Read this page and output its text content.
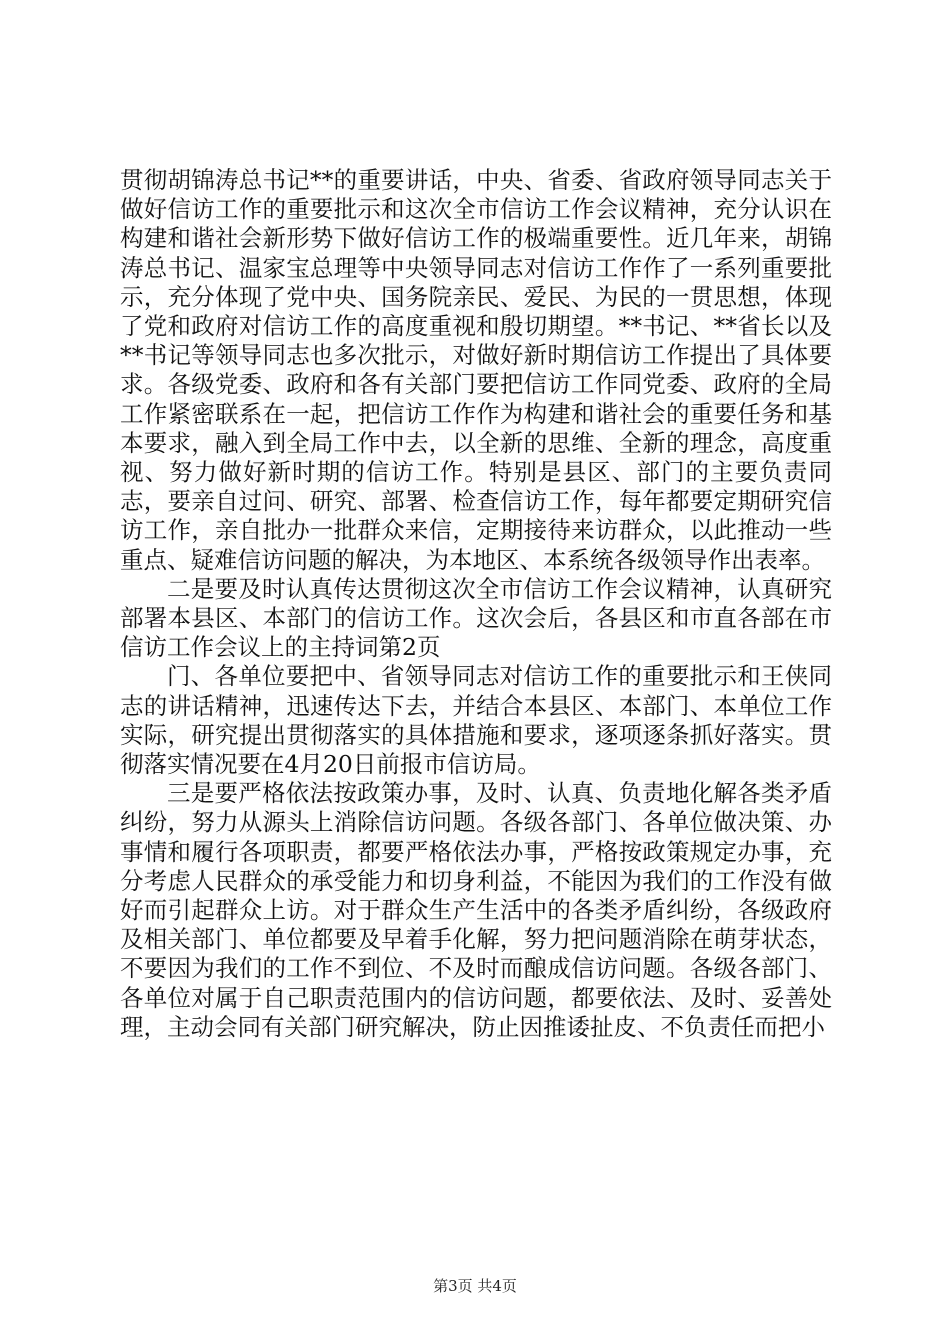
贯彻胡锦涛总书记**的重要讲话，中央、省委、省政府领导同志关于做好信访工作的重要批示和这次全市信访工作会议精神，充分认识在构建和谐社会新形势下做好信访工作的极端重要性。近几年来，胡锦涛总书记、温家宝总理等中央领导同志对信访工作作了一系列重要批示，充分体现了党中央、国务院亲民、爱民、为民的一贯思想，体现了党和政府对信访工作的高度重视和殷切期望。**书记、**省长以及**书记等领导同志也多次批示，对做好新时期信访工作提出了具体要求。各级党委、政府和各有关部门要把信访工作同党委、政府的全局工作紧密联系在一起，把信访工作作为构建和谐社会的重要任务和基本要求，融入到全局工作中去，以全新的思维、全新的理念，高度重视、努力做好新时期的信访工作。特别是县区、部门的主要负责同志，要亲自过问、研究、部署、检查信访工作，每年都要定期研究信访工作，亲自批办一批群众来信，定期接待来访群众，以此推动一些重点、疑难信访问题的解决，为本地区、本系统各级领导作出表率。

二是要及时认真传达贯彻这次全市信访工作会议精神，认真研究部署本县区、本部门的信访工作。这次会后，各县区和市直各部在市信访工作会议上的主持词第2页

门、各单位要把中、省领导同志对信访工作的重要批示和王侠同志的讲话精神，迅速传达下去，并结合本县区、本部门、本单位工作实际，研究提出贯彻落实的具体措施和要求，逐项逐条抓好落实。贯彻落实情况要在4月20日前报市信访局。

三是要严格依法按政策办事，及时、认真、负责地化解各类矛盾纠纷，努力从源头上消除信访问题。各级各部门、各单位做决策、办事情和履行各项职责，都要严格依法办事，严格按政策规定办事，充分考虑人民群众的承受能力和切身利益，不能因为我们的工作没有做好而引起群众上访。对于群众生产生活中的各类矛盾纠纷，各级政府及相关部门、单位都要及早着手化解，努力把问题消除在萌芽状态，不要因为我们的工作不到位、不及时而酿成信访问题。各级各部门、各单位对属于自己职责范围内的信访问题，都要依法、及时、妥善处理，主动会同有关部门研究解决，防止因推诿扯皮、不负责任而把小

第3页 共4页
